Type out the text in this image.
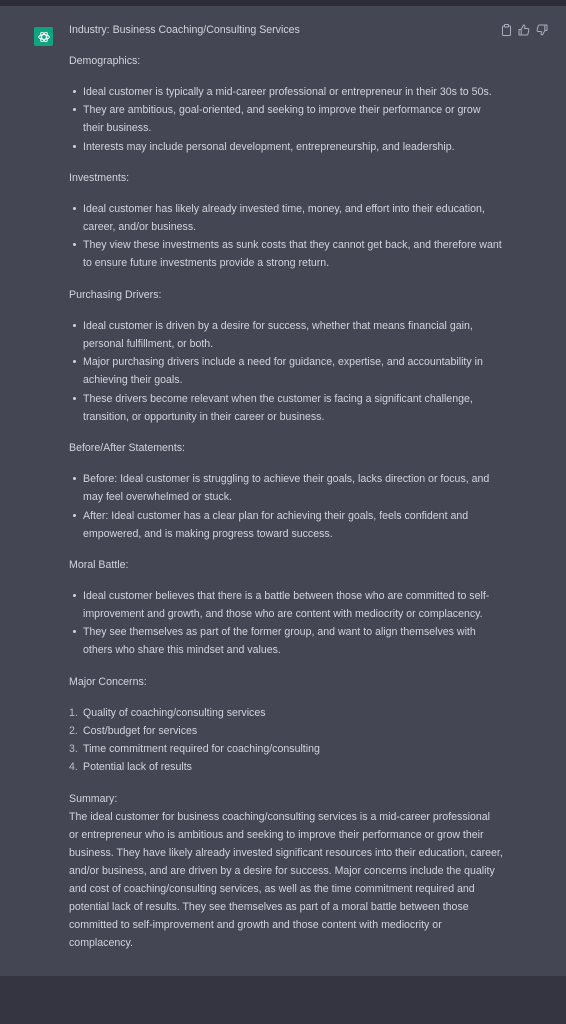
Industry: Business Coaching/Consulting Services
Demographics:
Ideal customer is typically a mid-career professional or entrepreneur in their 30s to 50s.
They are ambitious, goal-oriented, and seeking to improve their performance or grow
their business.
Interests may include personal development, entrepreneurship, and leadership.
Investments:
Ideal customer has likely already invested time, money, and effort into their education,
career, and/or business.
They view these investments as sunk costs that they cannot get back, and therefore want
to ensure future investments provide a strong return.
Purchasing Drivers:
Ideal customer is driven by a desire for success, whether that means financial gain,
personal fulfillment, or both.
Major purchasing drivers include a need for guidance, expertise, and accountability in
achieving their goals.
These drivers become relevant when the customer is facing a significant challenge,
transition, or opportunity in their career or business.
Before/After Statements:
Before: Ideal customer is struggling to achieve their goals, lacks direction or focus, and
may feel overwhelmed or stuck.
After: Ideal customer has a clear plan for achieving their goals, feels confident and
empowered, and is making progress toward success.
Moral Battle:
Ideal customer believes that there is a battle between those who are committed to self-
improvement and growth, and those who are content with mediocrity or complacency.
They see themselves as part of the former group, and want to align themselves with
others who share this mindset and values.
Major Concerns:
1. Quality of coaching/consulting services
2. Cost/budget for services
3. Time commitment required for coaching/consulting
4. Potential lack of results
Summary:
The ideal customer for business coaching/consulting services is a mid-career professional
or entrepreneur who is ambitious and seeking to improve their performance or grow their
business. They have likely already invested significant resources into their education, career,
and/or business, and are driven by a desire for success. Major concerns include the quality
and cost of coaching/consulting services, as well as the time commitment required and
potential lack of results. They see themselves as part of a moral battle between those
committed to self-improvement and growth and those content with mediocrity or
complacency.
